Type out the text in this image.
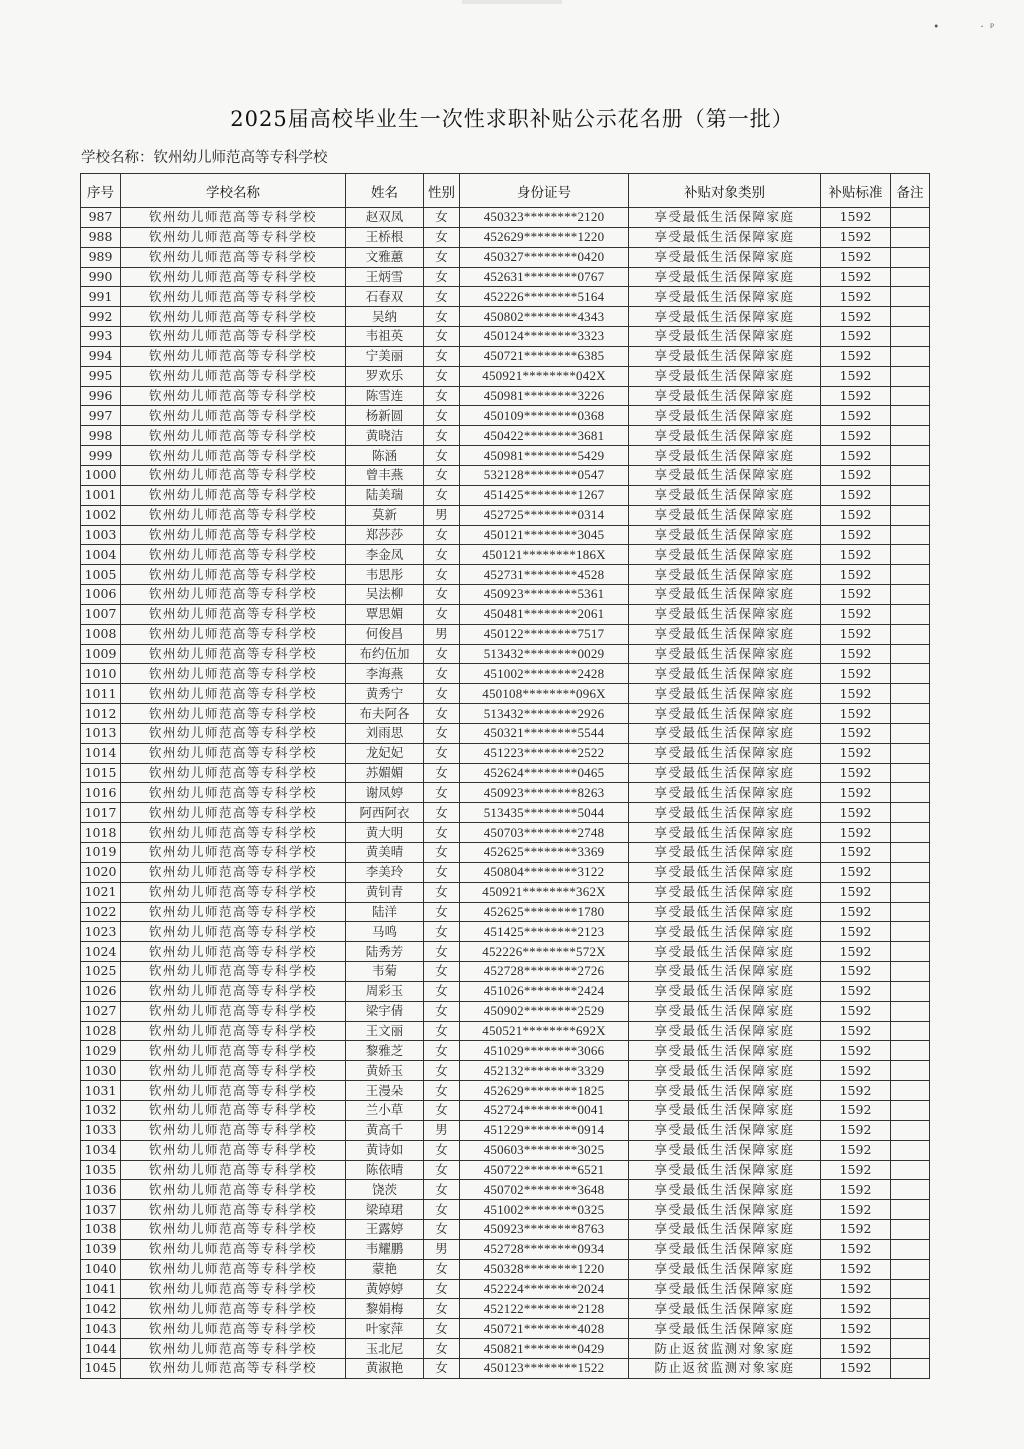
•             ·  ᵖ
2025届高校毕业生一次性求职补贴公示花名册（第一批）
学校名称：钦州幼儿师范高等专科学校
序号	学校名称	姓名	性别	身份证号	补贴对象类别	补贴标准	备注
987	钦州幼儿师范高等专科学校	赵双凤	女	450323********2120	享受最低生活保障家庭	1592	
988	钦州幼儿师范高等专科学校	王桥根	女	452629********1220	享受最低生活保障家庭	1592	
989	钦州幼儿师范高等专科学校	文雅蕙	女	450327********0420	享受最低生活保障家庭	1592	
990	钦州幼儿师范高等专科学校	王炳雪	女	452631********0767	享受最低生活保障家庭	1592	
991	钦州幼儿师范高等专科学校	石春双	女	452226********5164	享受最低生活保障家庭	1592	
992	钦州幼儿师范高等专科学校	吴纳	女	450802********4343	享受最低生活保障家庭	1592	
993	钦州幼儿师范高等专科学校	韦祖英	女	450124********3323	享受最低生活保障家庭	1592	
994	钦州幼儿师范高等专科学校	宁美丽	女	450721********6385	享受最低生活保障家庭	1592	
995	钦州幼儿师范高等专科学校	罗欢乐	女	450921********042X	享受最低生活保障家庭	1592	
996	钦州幼儿师范高等专科学校	陈雪连	女	450981********3226	享受最低生活保障家庭	1592	
997	钦州幼儿师范高等专科学校	杨新圆	女	450109********0368	享受最低生活保障家庭	1592	
998	钦州幼儿师范高等专科学校	黄晓洁	女	450422********3681	享受最低生活保障家庭	1592	
999	钦州幼儿师范高等专科学校	陈涵	女	450981********5429	享受最低生活保障家庭	1592	
1000	钦州幼儿师范高等专科学校	曾丰燕	女	532128********0547	享受最低生活保障家庭	1592	
1001	钦州幼儿师范高等专科学校	陆美瑞	女	451425********1267	享受最低生活保障家庭	1592	
1002	钦州幼儿师范高等专科学校	莫新	男	452725********0314	享受最低生活保障家庭	1592	
1003	钦州幼儿师范高等专科学校	郑莎莎	女	450121********3045	享受最低生活保障家庭	1592	
1004	钦州幼儿师范高等专科学校	李金凤	女	450121********186X	享受最低生活保障家庭	1592	
1005	钦州幼儿师范高等专科学校	韦思彤	女	452731********4528	享受最低生活保障家庭	1592	
1006	钦州幼儿师范高等专科学校	吴法柳	女	450923********5361	享受最低生活保障家庭	1592	
1007	钦州幼儿师范高等专科学校	覃思媚	女	450481********2061	享受最低生活保障家庭	1592	
1008	钦州幼儿师范高等专科学校	何俊昌	男	450122********7517	享受最低生活保障家庭	1592	
1009	钦州幼儿师范高等专科学校	布约伍加	女	513432********0029	享受最低生活保障家庭	1592	
1010	钦州幼儿师范高等专科学校	李海燕	女	451002********2428	享受最低生活保障家庭	1592	
1011	钦州幼儿师范高等专科学校	黄秀宁	女	450108********096X	享受最低生活保障家庭	1592	
1012	钦州幼儿师范高等专科学校	布夫阿各	女	513432********2926	享受最低生活保障家庭	1592	
1013	钦州幼儿师范高等专科学校	刘雨思	女	450321********5544	享受最低生活保障家庭	1592	
1014	钦州幼儿师范高等专科学校	龙妃妃	女	451223********2522	享受最低生活保障家庭	1592	
1015	钦州幼儿师范高等专科学校	苏媚媚	女	452624********0465	享受最低生活保障家庭	1592	
1016	钦州幼儿师范高等专科学校	谢凤婷	女	450923********8263	享受最低生活保障家庭	1592	
1017	钦州幼儿师范高等专科学校	阿西阿衣	女	513435********5044	享受最低生活保障家庭	1592	
1018	钦州幼儿师范高等专科学校	黄大明	女	450703********2748	享受最低生活保障家庭	1592	
1019	钦州幼儿师范高等专科学校	黄美晴	女	452625********3369	享受最低生活保障家庭	1592	
1020	钦州幼儿师范高等专科学校	李美玲	女	450804********3122	享受最低生活保障家庭	1592	
1021	钦州幼儿师范高等专科学校	黄钊青	女	450921********362X	享受最低生活保障家庭	1592	
1022	钦州幼儿师范高等专科学校	陆洋	女	452625********1780	享受最低生活保障家庭	1592	
1023	钦州幼儿师范高等专科学校	马鸣	女	451425********2123	享受最低生活保障家庭	1592	
1024	钦州幼儿师范高等专科学校	陆秀芳	女	452226********572X	享受最低生活保障家庭	1592	
1025	钦州幼儿师范高等专科学校	韦菊	女	452728********2726	享受最低生活保障家庭	1592	
1026	钦州幼儿师范高等专科学校	周彩玉	女	451026********2424	享受最低生活保障家庭	1592	
1027	钦州幼儿师范高等专科学校	梁宇倩	女	450902********2529	享受最低生活保障家庭	1592	
1028	钦州幼儿师范高等专科学校	王文丽	女	450521********692X	享受最低生活保障家庭	1592	
1029	钦州幼儿师范高等专科学校	黎雅芝	女	451029********3066	享受最低生活保障家庭	1592	
1030	钦州幼儿师范高等专科学校	黄娇玉	女	452132********3329	享受最低生活保障家庭	1592	
1031	钦州幼儿师范高等专科学校	王漫朵	女	452629********1825	享受最低生活保障家庭	1592	
1032	钦州幼儿师范高等专科学校	兰小草	女	452724********0041	享受最低生活保障家庭	1592	
1033	钦州幼儿师范高等专科学校	黄高千	男	451229********0914	享受最低生活保障家庭	1592	
1034	钦州幼儿师范高等专科学校	黄诗如	女	450603********3025	享受最低生活保障家庭	1592	
1035	钦州幼儿师范高等专科学校	陈依晴	女	450722********6521	享受最低生活保障家庭	1592	
1036	钦州幼儿师范高等专科学校	饶茨	女	450702********3648	享受最低生活保障家庭	1592	
1037	钦州幼儿师范高等专科学校	梁琸珺	女	451002********0325	享受最低生活保障家庭	1592	
1038	钦州幼儿师范高等专科学校	王露婷	女	450923********8763	享受最低生活保障家庭	1592	
1039	钦州幼儿师范高等专科学校	韦耀鹏	男	452728********0934	享受最低生活保障家庭	1592	
1040	钦州幼儿师范高等专科学校	蒙艳	女	450328********1220	享受最低生活保障家庭	1592	
1041	钦州幼儿师范高等专科学校	黄婷婷	女	452224********2024	享受最低生活保障家庭	1592	
1042	钦州幼儿师范高等专科学校	黎娟梅	女	452122********2128	享受最低生活保障家庭	1592	
1043	钦州幼儿师范高等专科学校	叶家萍	女	450721********4028	享受最低生活保障家庭	1592	
1044	钦州幼儿师范高等专科学校	玉北尼	女	450821********0429	防止返贫监测对象家庭	1592	
1045	钦州幼儿师范高等专科学校	黄淑艳	女	450123********1522	防止返贫监测对象家庭	1592	
